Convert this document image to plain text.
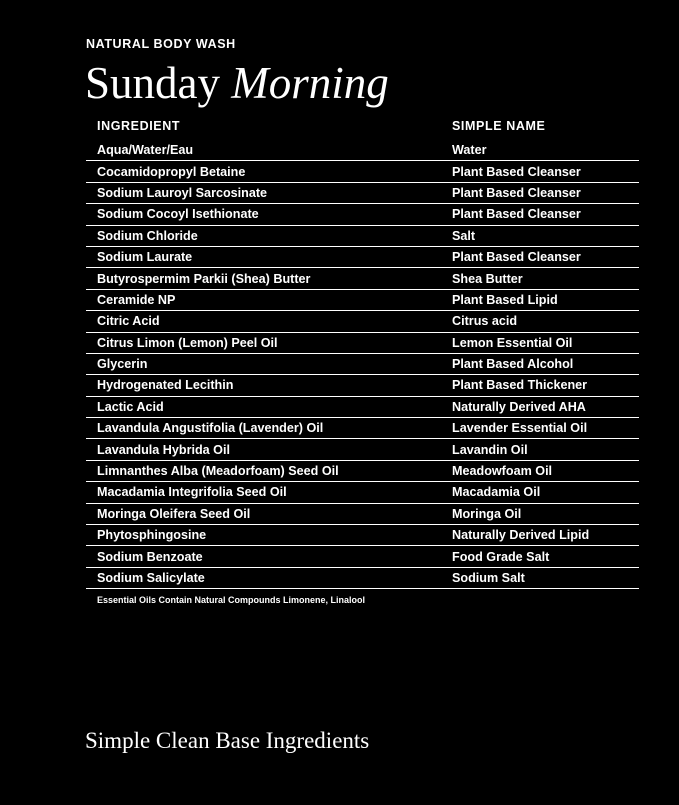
NATURAL BODY WASH
Sunday Morning
INGREDIENT	SIMPLE NAME
Aqua/Water/Eau	Water
Cocamidopropyl Betaine	Plant Based Cleanser
Sodium Lauroyl Sarcosinate	Plant Based Cleanser
Sodium Cocoyl Isethionate	Plant Based Cleanser
Sodium Chloride	Salt
Sodium Laurate	Plant Based Cleanser
Butyrospermim Parkii (Shea) Butter	Shea Butter
Ceramide NP	Plant Based Lipid
Citric Acid	Citrus acid
Citrus Limon (Lemon) Peel Oil	Lemon Essential Oil
Glycerin	Plant Based Alcohol
Hydrogenated Lecithin	Plant Based Thickener
Lactic Acid	Naturally Derived AHA
Lavandula Angustifolia (Lavender) Oil	Lavender Essential Oil
Lavandula Hybrida Oil	Lavandin Oil
Limnanthes Alba (Meadorfoam) Seed Oil	Meadowfoam Oil
Macadamia Integrifolia Seed Oil	Macadamia Oil
Moringa Oleifera Seed Oil	Moringa Oil
Phytosphingosine	Naturally Derived Lipid
Sodium Benzoate	Food Grade Salt
Sodium Salicylate	Sodium Salt
Essential Oils Contain Natural Compounds Limonene, Linalool
Simple Clean Base Ingredients
